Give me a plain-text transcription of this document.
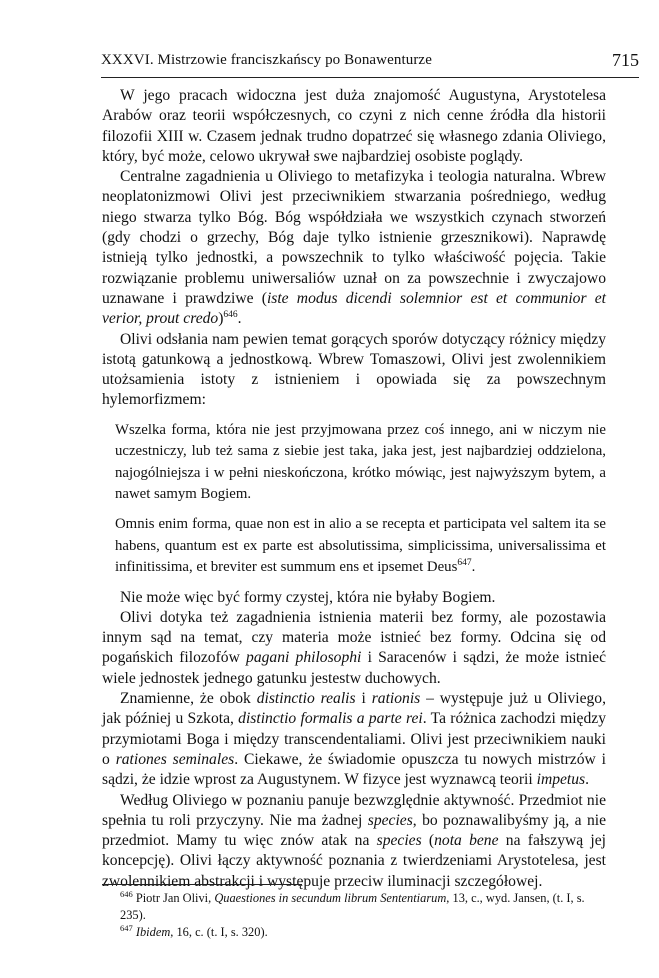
XXXVI. Mistrzowie franciszkańscy po Bonawenturze	715

W jego pracach widoczna jest duża znajomość Augustyna, Arystotelesa Arabów oraz teorii współczesnych, co czyni z nich cenne źródła dla historii filozofii XIII w. Czasem jednak trudno dopatrzeć się własnego zdania Oliviego, który, być może, celowo ukrywał swe najbardziej osobiste poglądy.

Centralne zagadnienia u Oliviego to metafizyka i teologia naturalna. Wbrew neoplatonizmowi Olivi jest przeciwnikiem stwarzania pośredniego, według niego stwarza tylko Bóg. Bóg współdziała we wszystkich czynach stworzeń (gdy chodzi o grzechy, Bóg daje tylko istnienie grzesznikowi). Naprawdę istnieją tylko jednostki, a powszechnik to tylko właściwość pojęcia. Takie rozwiązanie problemu uniwersaliów uznał on za powszechnie i zwyczajowo uznawane i prawdziwe (iste modus dicendi solemnior est et communior et verior, prout credo)$^{646}$.

Olivi odsłania nam pewien temat gorących sporów dotyczący różnicy między istotą gatunkową a jednostkową. Wbrew Tomaszowi, Olivi jest zwolennikiem utożsamienia istoty z istnieniem i opowiada się za powszechnym hylemorfizmem:

Wszelka forma, która nie jest przyjmowana przez coś innego, ani w niczym nie uczestniczy, lub też sama z siebie jest taka, jaka jest, jest najbardziej oddzielona, najogólniejsza i w pełni nieskończona, krótko mówiąc, jest najwyższym bytem, a nawet samym Bogiem.

Omnis enim forma, quae non est in alio a se recepta et participata vel saltem ita se habens, quantum est ex parte est absolutissima, simplicissima, universalissima et infinitissima, et breviter est summum ens et ipsemet Deus$^{647}$.

Nie może więc być formy czystej, która nie byłaby Bogiem.

Olivi dotyka też zagadnienia istnienia materii bez formy, ale pozostawia innym sąd na temat, czy materia może istnieć bez formy. Odcina się od pogańskich filozofów pagani philosophi i Saracenów i sądzi, że może istnieć wiele jednostek jednego gatunku jestestw duchowych.

Znamienne, że obok distinctio realis i rationis – występuje już u Oliviego, jak później u Szkota, distinctio formalis a parte rei. Ta różnica zachodzi między przymiotami Boga i między transcendentaliami. Olivi jest przeciwnikiem nauki o rationes seminales. Ciekawe, że świadomie opuszcza tu nowych mistrzów i sądzi, że idzie wprost za Augustynem. W fizyce jest wyznawcą teorii impetus.

Według Oliviego w poznaniu panuje bezwzględnie aktywność. Przedmiot nie spełnia tu roli przyczyny. Nie ma żadnej species, bo poznawalibyśmy ją, a nie przedmiot. Mamy tu więc znów atak na species (nota bene na fałszywą jej koncepcję). Olivi łączy aktywność poznania z twierdzeniami Arystotelesa, jest zwolennikiem abstrakcji i występuje przeciw iluminacji szczegółowej.

$^{646}$ Piotr Jan Olivi, Quaestiones in secundum librum Sententiarum, 13, c., wyd. Jansen, (t. I, s. 235).

$^{647}$ Ibidem, 16, c. (t. I, s. 320).
